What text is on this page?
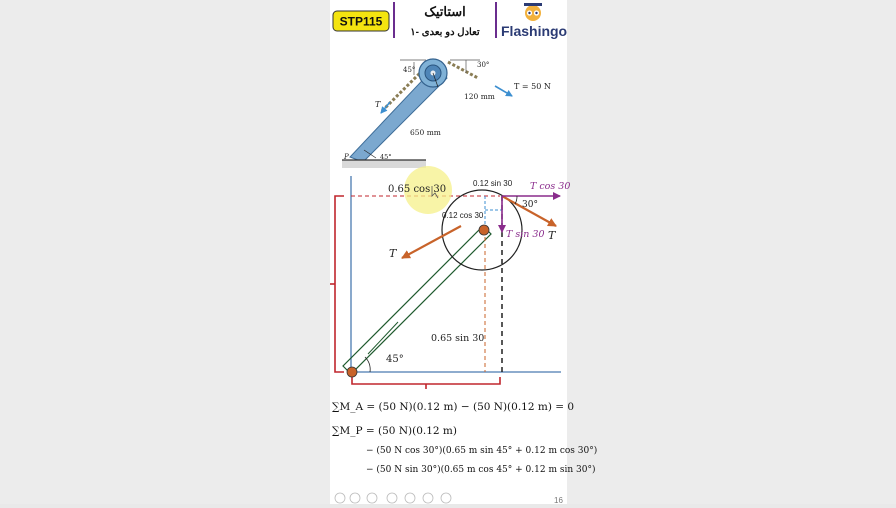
STP115
استاتیک
۱- تعادل دو بعدی Flashingo
45°
30°
T
T = 50 N
120 mm
650 mm
P	45°
0.65 cos 30
30°
0.12 sin 30
0.12 cos 30
T cos 30
T sin 30 T
T
0.65 sin 30
45°
∑M_A = (50 N)(0.12 m) − (50 N)(0.12 m) = 0
∑M_P = (50 N)(0.12 m)
− (50 N cos 30°)(0.65 m sin 45° + 0.12 m cos 30°)
− (50 N sin 30°)(0.65 m cos 45° + 0.12 m sin 30°)
16
